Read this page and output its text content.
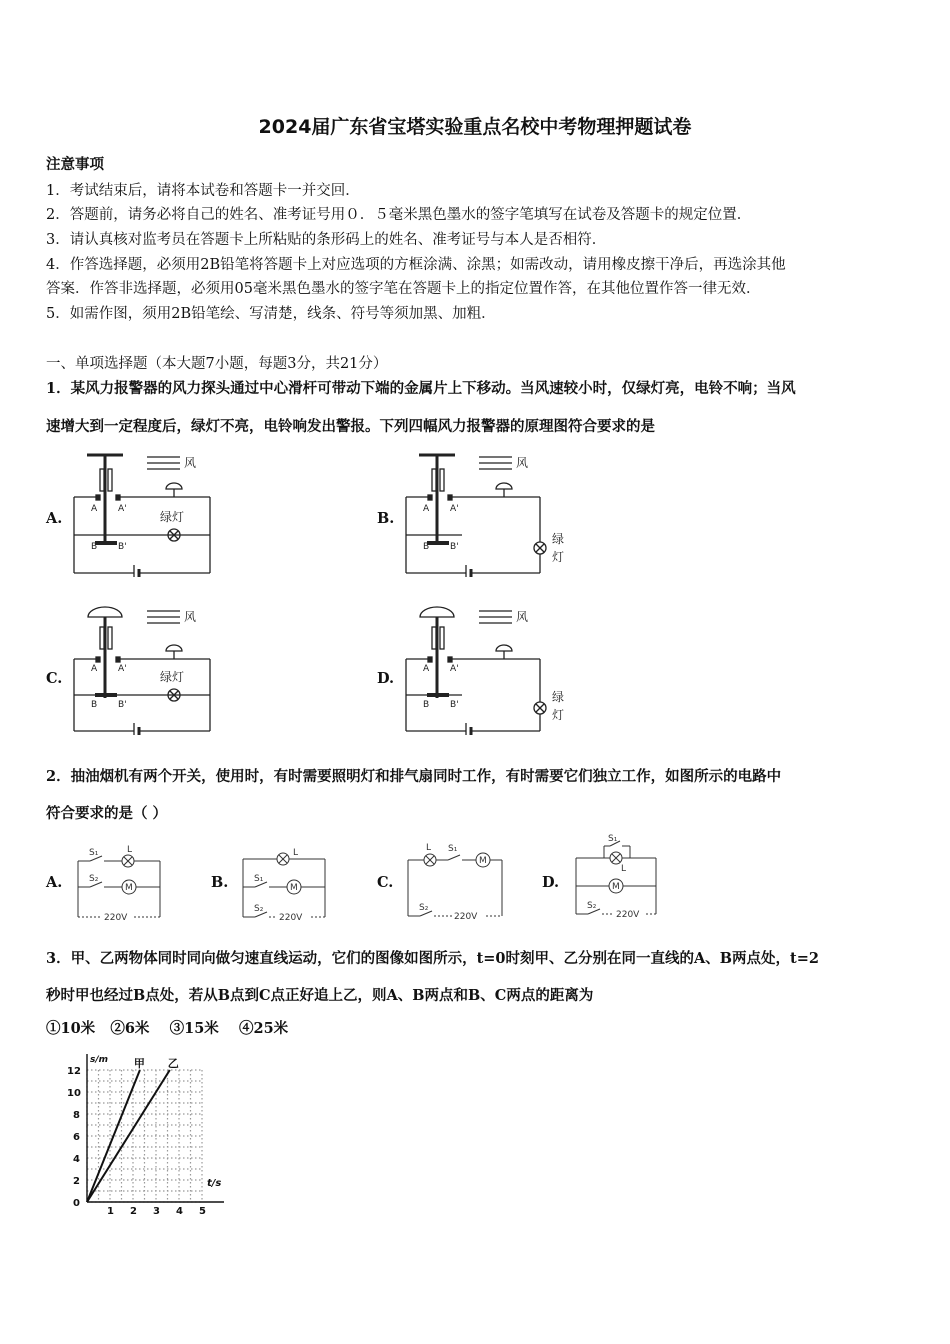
2024届广东省宝塔实验重点名校中考物理押题试卷
注意事项
1．考试结束后，请将本试卷和答题卡一并交回．
2．答题前，请务必将自己的姓名、准考证号用０．５毫米黑色墨水的签字笔填写在试卷及答题卡的规定位置．
3．请认真核对监考员在答题卡上所粘贴的条形码上的姓名、准考证号与本人是否相符．
4．作答选择题，必须用2B铅笔将答题卡上对应选项的方框涂满、涂黑；如需改动，请用橡皮擦干净后，再选涂其他
答案．作答非选择题，必须用05毫米黑色墨水的签字笔在答题卡上的指定位置作答，在其他位置作答一律无效．
5．如需作图，须用2B铅笔绘、写清楚，线条、符号等须加黑、加粗．
一、单项选择题（本大题7小题，每题3分，共21分）
1．某风力报警器的风力探头通过中心滑杆可带动下端的金属片上下移动。当风速较小时，仅绿灯亮，电铃不响；当风
速增大到一定程度后，绿灯不亮，电铃响发出警报。下列四幅风力报警器的原理图符合要求的是
A.	B.
C.	D.
风
A A'
B B'
绿灯
风
A A'
B B'
绿
灯
风
A A'
B B'
绿灯
风
A A'
B B'
绿
灯
2．抽油烟机有两个开关，使用时，有时需要照明灯和排气扇同时工作，有时需要它们独立工作，如图所示的电路中
符合要求的是（ ）
A.	B.	C.	D.
S₁	L
S₂
M
220V
L
S₁
M
S₂
220V
L S₁
M
S₂
220V
S₁
L
M
S₂
220V
3．甲、乙两物体同时同向做匀速直线运动，它们的图像如图所示，t=0时刻甲、乙分别在同一直线的A、B两点处，t=2
秒时甲也经过B点处，若从B点到C点正好追上乙，则A、B两点和B、C两点的距离为
①10米   ②6米    ③15米    ④25米
1 2 3 4 5
0
2
4
6
8
10
12
t/s
s/m 甲 乙
